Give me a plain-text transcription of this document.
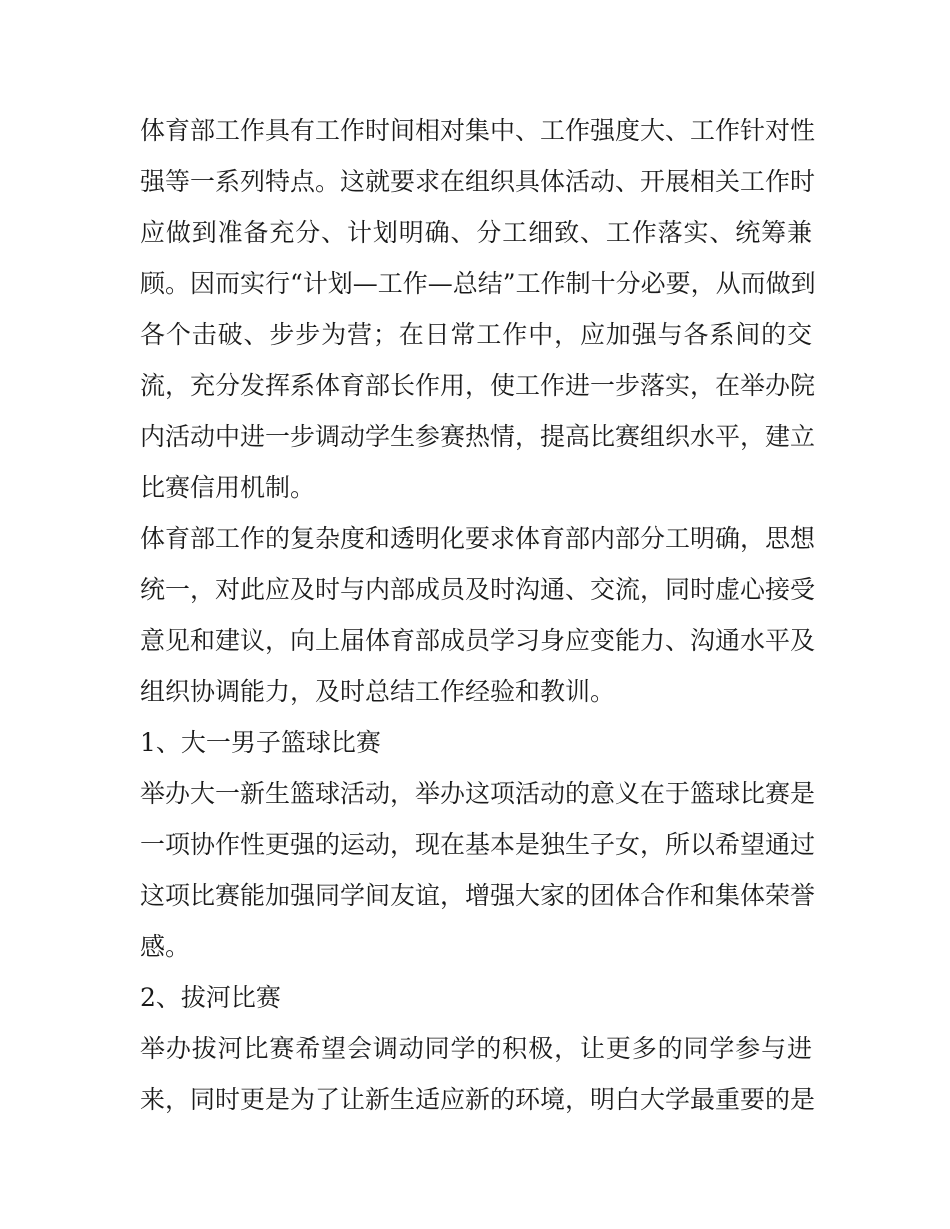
体育部工作具有工作时间相对集中、工作强度大、工作针对性
强等一系列特点。这就要求在组织具体活动、开展相关工作时
应做到准备充分、计划明确、分工细致、工作落实、统筹兼
顾。因而实行“计划—工作—总结”工作制十分必要，从而做到
各个击破、步步为营；在日常工作中，应加强与各系间的交
流，充分发挥系体育部长作用，使工作进一步落实，在举办院
内活动中进一步调动学生参赛热情，提高比赛组织水平，建立
比赛信用机制。
体育部工作的复杂度和透明化要求体育部内部分工明确，思想
统一，对此应及时与内部成员及时沟通、交流，同时虚心接受
意见和建议，向上届体育部成员学习身应变能力、沟通水平及
组织协调能力，及时总结工作经验和教训。
1、大一男子篮球比赛
举办大一新生篮球活动，举办这项活动的意义在于篮球比赛是
一项协作性更强的运动，现在基本是独生子女，所以希望通过
这项比赛能加强同学间友谊，增强大家的团体合作和集体荣誉
感。
2、拔河比赛
举办拔河比赛希望会调动同学的积极，让更多的同学参与进
来，同时更是为了让新生适应新的环境，明白大学最重要的是
